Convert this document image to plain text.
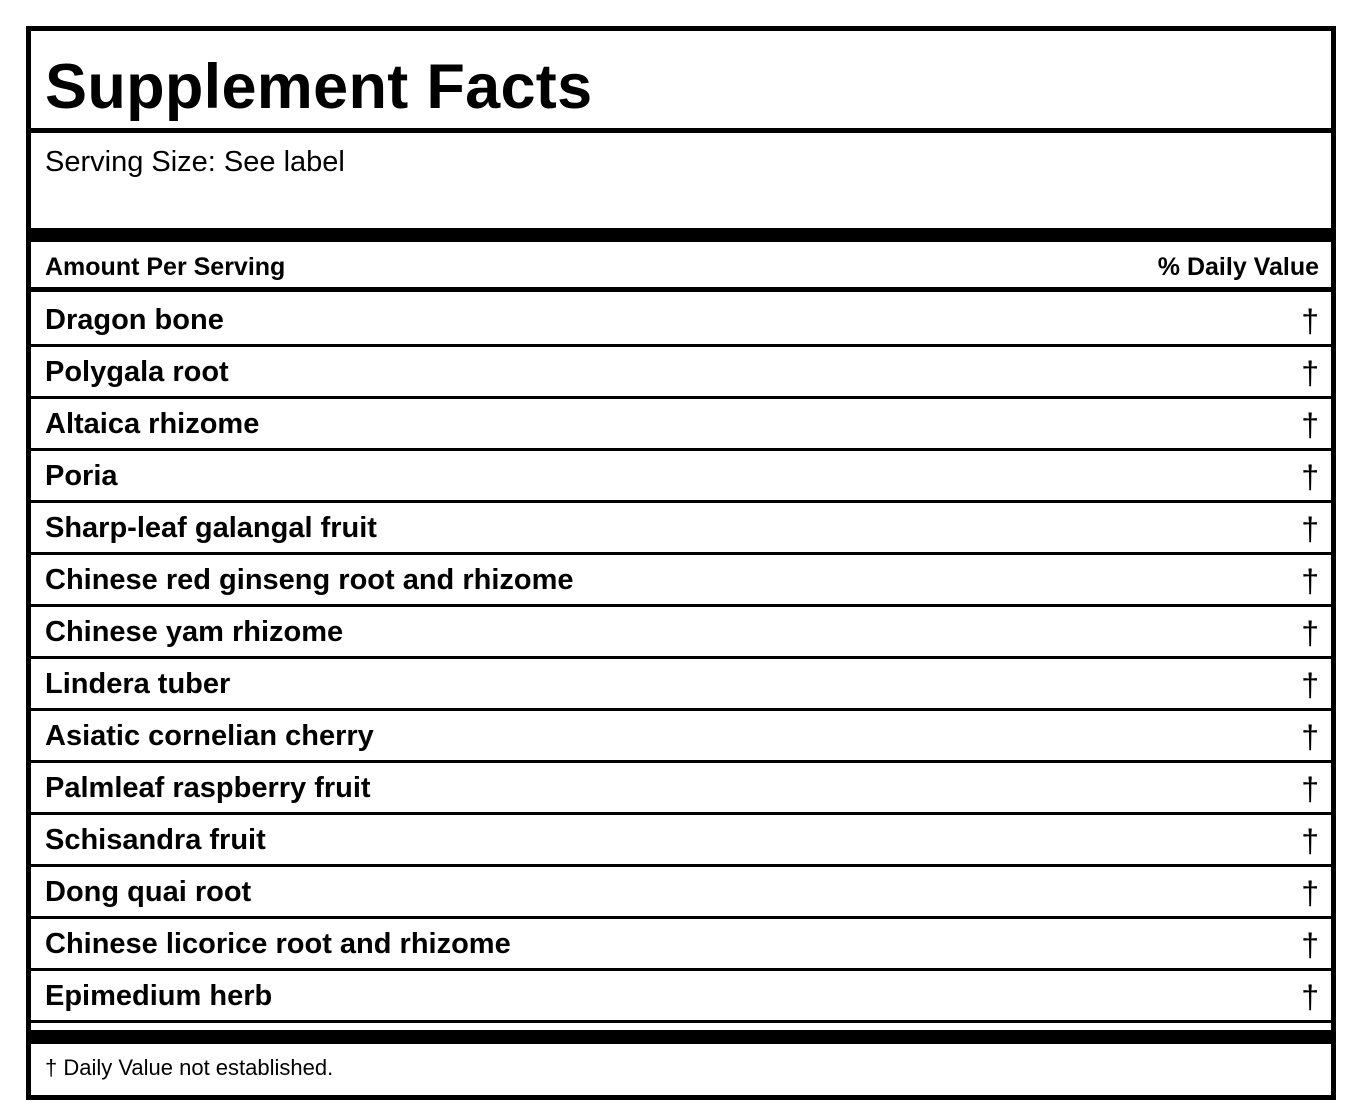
Supplement Facts
Serving Size: See label
Amount Per Serving	% Daily Value
Dragon bone	†
Polygala root	†
Altaica rhizome	†
Poria	†
Sharp-leaf galangal fruit	†
Chinese red ginseng root and rhizome	†
Chinese yam rhizome	†
Lindera tuber	†
Asiatic cornelian cherry	†
Palmleaf raspberry fruit	†
Schisandra fruit	†
Dong quai root	†
Chinese licorice root and rhizome	†
Epimedium herb	†
† Daily Value not established.
